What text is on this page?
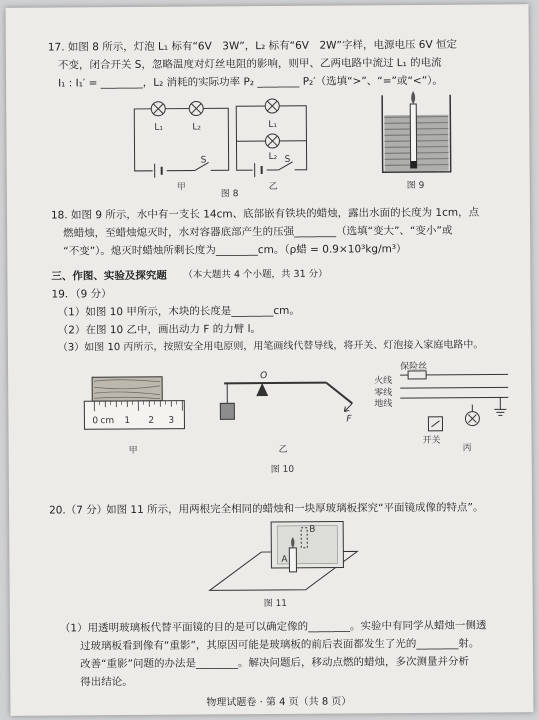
17. 如图 8 所示，灯泡 L₁ 标有“6V　3W”，L₂ 标有“6V　2W”字样，电源电压 6V 恒定
不变，闭合开关 S，忽略温度对灯丝电阻的影响，则甲、乙两电路中流过 L₁ 的电流
I₁ : I₁′ = ________，L₂ 消耗的实际功率 P₂ ________ P₂′（选填“>”、“=”或“<”）。
L₁	L₂
S
甲
L₁
L₂ S
乙
图 8
图 9
18. 如图 9 所示，水中有一支长 14cm、底部嵌有铁块的蜡烛，露出水面的长度为 1cm，点
燃蜡烛，至蜡烛熄灭时，水对容器底部产生的压强________（选填“变大”、“变小”或
“不变”）。熄灭时蜡烛所剩长度为________cm。（ρ蜡 = 0.9×10³kg/m³）
三、作图、实验及探究题 （本大题共 4 个小题，共 31 分）
19．（9 分）
（1）如图 10 甲所示，木块的长度是________cm。
（2）在图 10 乙中，画出动力 F 的力臂 l。
（3）如图 10 丙所示，按照安全用电原则，用笔画线代替导线，将开关、灯泡接入家庭电路中。
0 cm 1 2 3
甲
O
F
乙
保险丝
火线
零线
地线
开关
丙
图 10
20.（7 分）
如图 11 所示，用两根完全相同的蜡烛和一块厚玻璃板探究“平面镜成像的特点”。
B
A
图 11
（1）用透明玻璃板代替平面镜的目的是可以确定像的________。实验中有同学从蜡烛一侧透
过玻璃板看到像有“重影”，其原因可能是玻璃板的前后表面都发生了光的________射。
改善“重影”问题的办法是________。解决问题后，移动点燃的蜡烛，多次测量并分析
得出结论。
物理试题卷 · 第 4 页（共 8 页）
